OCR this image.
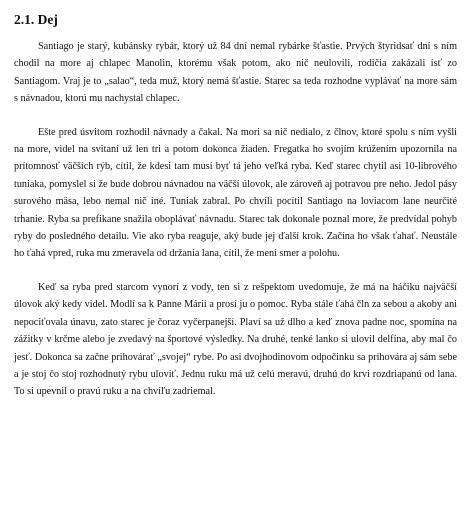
2.1. Dej

Santiago je starý, kubánsky rybár, ktorý už 84 dní nemal rybárke šťastie. Prvých štyridsať dní s ním chodil na more aj chlapec Manolin, ktorému však potom, ako nič neulovili, rodičia zakázali ísť zo Santiagom. Vraj je to „salao“, teda muž, ktorý nemá šťastie. Starec sa teda rozhodne vyplávať na more sám s návnadou, ktorú mu nachystal chlapec.

Ešte pred úsvitom rozhodil návnady a čakal. Na mori sa nič nedialo, z člnov, ktoré spolu s ním vyšli na more, videl na svitaní už len tri a potom dokonca žiaden. Fregatka ho svojím krúžením upozornila na prítomnosť väčších rýb, cítil, že kdesi tam musí byť tá jeho veľká ryba. Keď starec chytil asi 10-librového tuniaka, pomyslel si že bude dobrou návnadou na väčší úlovok, ale zároveň aj potravou pre neho. Jedol pásy surového mäsa, lebo nemal nič iné. Tuniak zabral. Po chvíli pocítil Santiago na loviacom lane neurčité trhanie. Ryba sa prefikane snažila oboplávať návnadu. Starec tak dokonale poznal more, že predvídal pohyb ryby do posledného detailu. Vie ako ryba reaguje, aký bude jej ďalší krok. Začína ho však ťahať. Neustále ho ťahá vpred, ruka mu zmeravela od držania lana, cítil, že mení smer a polohu.

Keď sa ryba pred starcom vynorí z vody, ten si z rešpektom uvedomuje, že má na háčiku najväčší úlovok aký kedy videl. Modlí sa k Panne Márii a prosí ju o pomoc. Ryba stále ťahá čln za sebou a akoby ani nepociťovala únavu, zato starec je čoraz vyčerpanejší. Plaví sa už dlho a keď znova padne noc, spomína na zážitky v krčme alebo je zvedavý na športové výsledky. Na druhé, tenké lanko si ulovil delfína, aby mal čo jesť. Dokonca sa začne prihovárať „svojej“ rybe. Po asi dvojhodinovom odpočinku sa prihovára aj sám sebe a je stoj čo stoj rozhodnutý rybu uloviť. Jednu ruku má už celú meravú, druhú do krvi rozdriapanú od lana. To si upevnil o pravú ruku a na chvíľu zadriemal.
